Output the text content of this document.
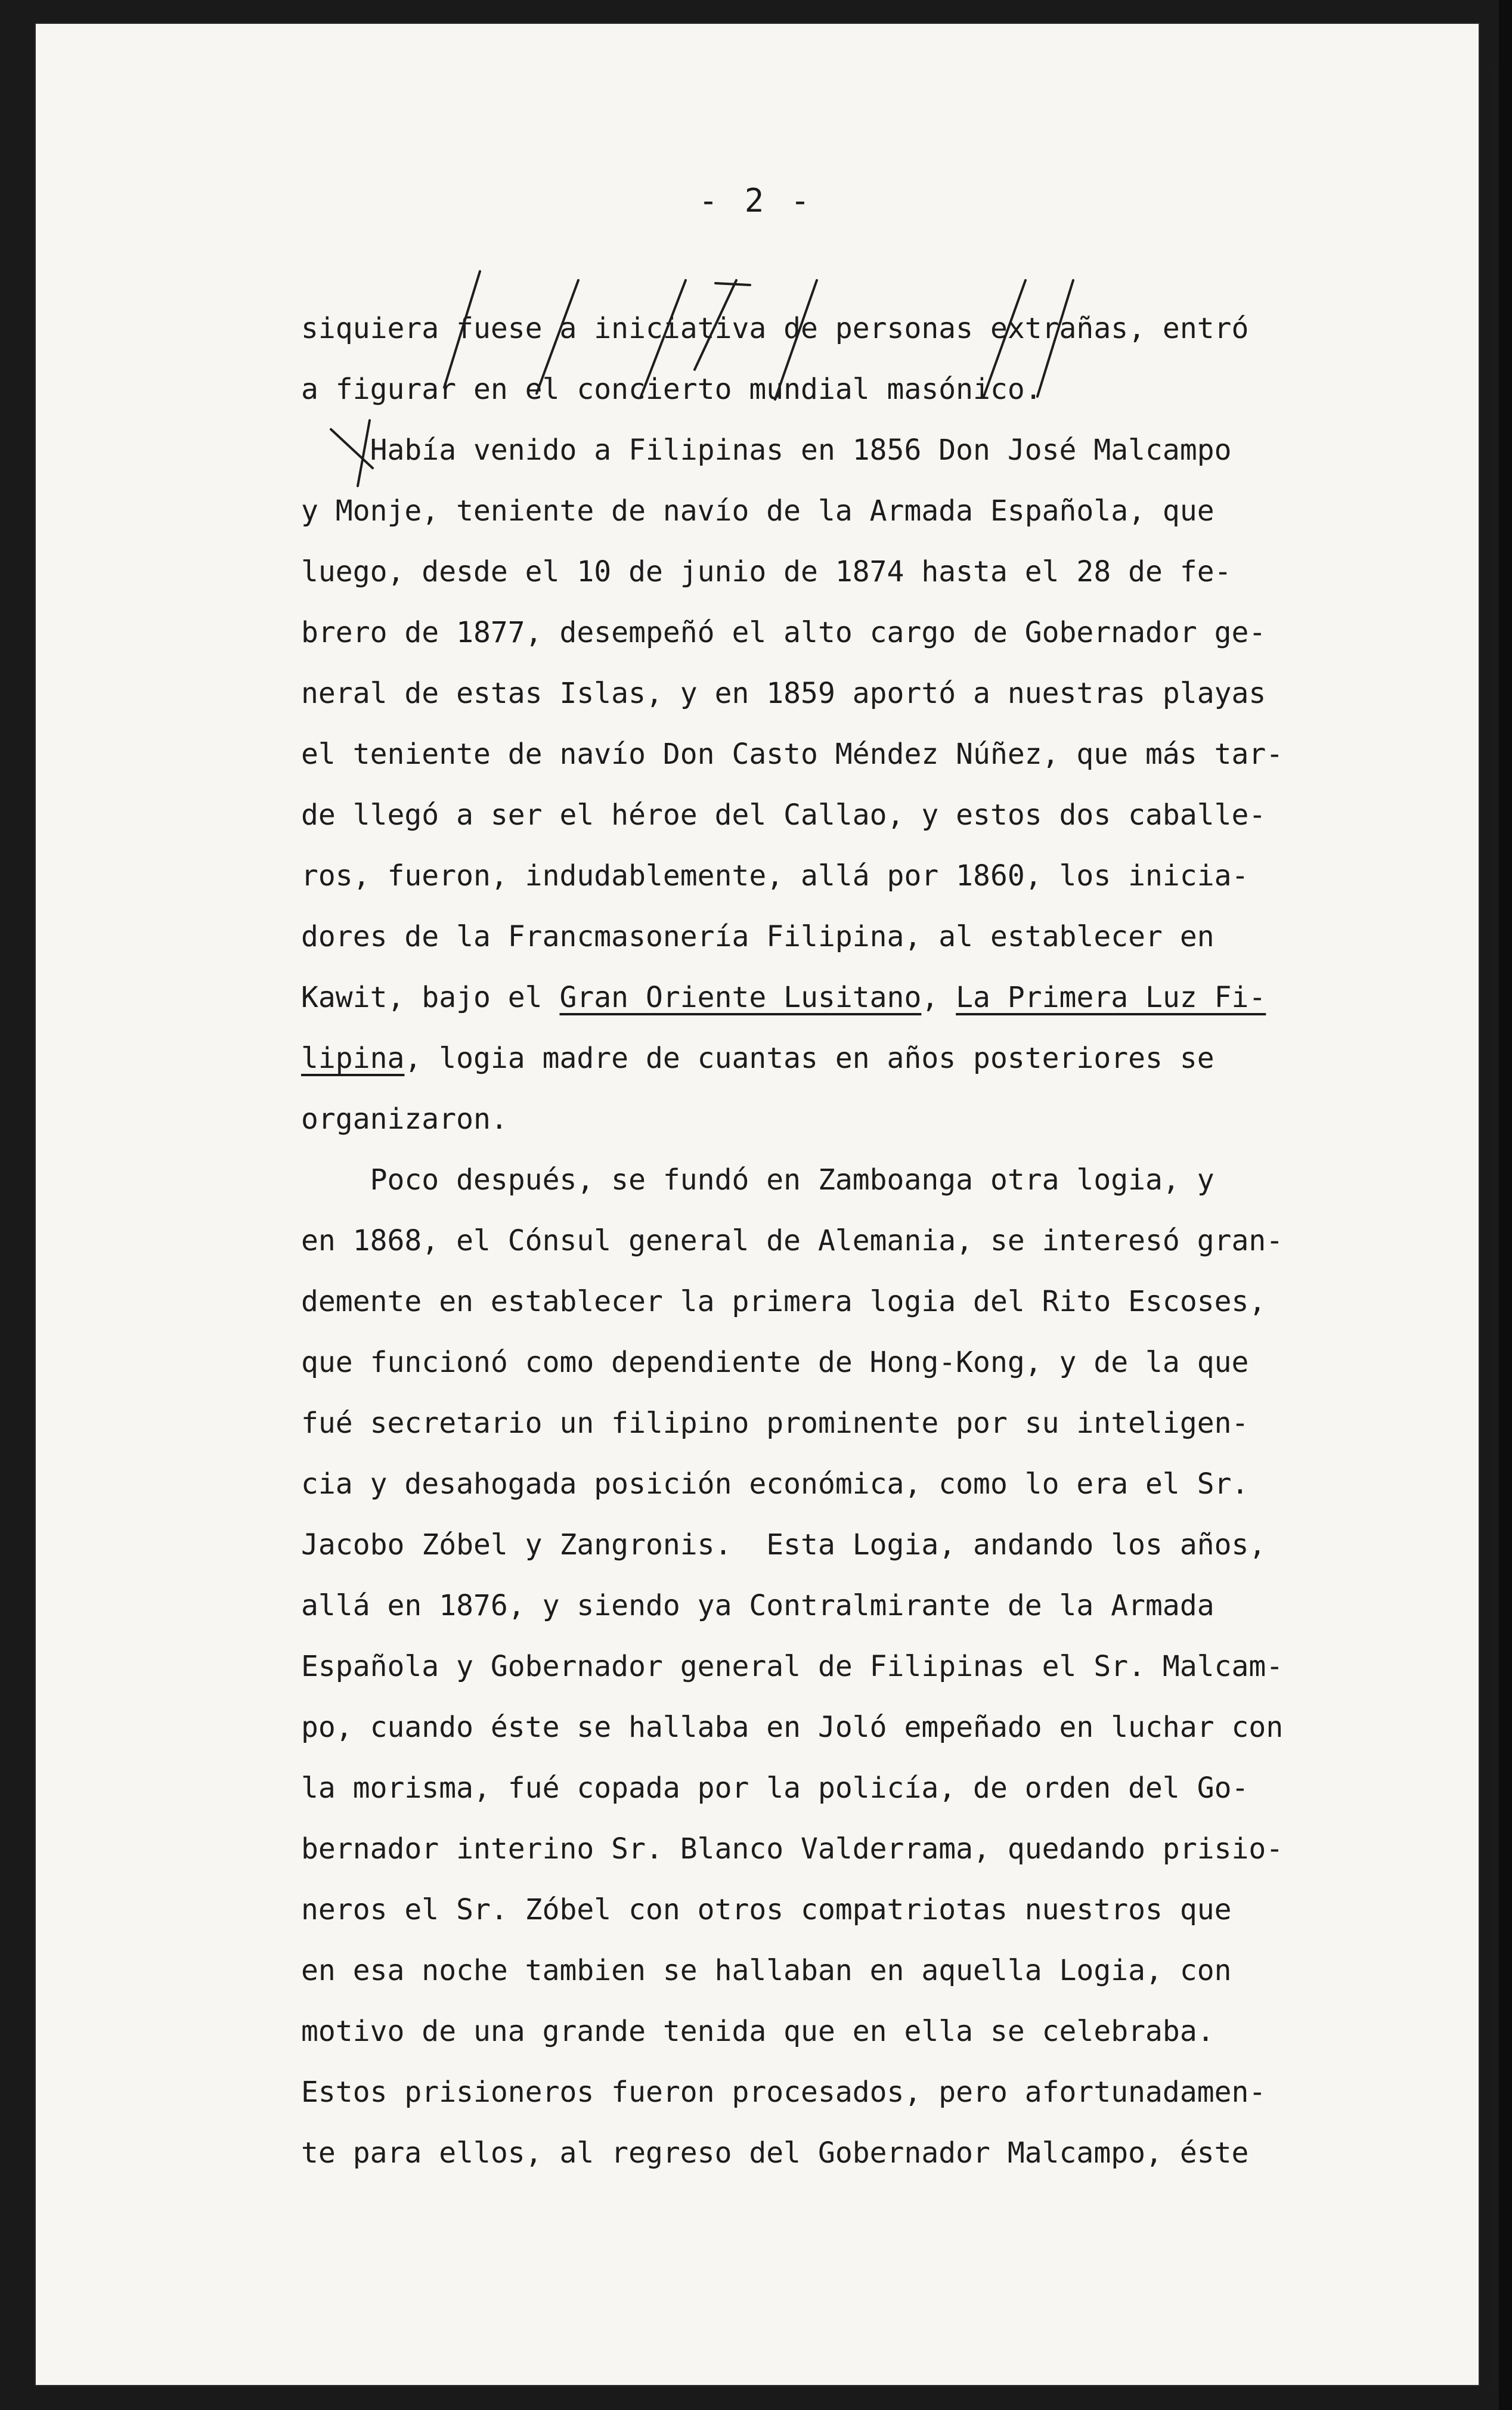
- 2 -
siquiera fuese a iniciativa de personas extrañas, entró
a figurar en el concierto mundial masónico.
Había venido a Filipinas en 1856 Don José Malcampo
y Monje, teniente de navío de la Armada Española, que
luego, desde el 10 de junio de 1874 hasta el 28 de fe-
brero de 1877, desempeñó el alto cargo de Gobernador ge-
neral de estas Islas, y en 1859 aportó a nuestras playas
el teniente de navío Don Casto Méndez Núñez, que más tar-
de llegó a ser el héroe del Callao, y estos dos caballe-
ros, fueron, indudablemente, allá por 1860, los inicia-
dores de la Francmasonería Filipina, al establecer en
Kawit, bajo el Gran Oriente Lusitano, La Primera Luz Fi-
lipina, logia madre de cuantas en años posteriores se
organizaron.
Poco después, se fundó en Zamboanga otra logia, y
en 1868, el Cónsul general de Alemania, se interesó gran-
demente en establecer la primera logia del Rito Escoses,
que funcionó como dependiente de Hong-Kong, y de la que
fué secretario un filipino prominente por su inteligen-
cia y desahogada posición económica, como lo era el Sr.
Jacobo Zóbel y Zangronis.  Esta Logia, andando los años,
allá en 1876, y siendo ya Contralmirante de la Armada
Española y Gobernador general de Filipinas el Sr. Malcam-
po, cuando éste se hallaba en Joló empeñado en luchar con
la morisma, fué copada por la policía, de orden del Go-
bernador interino Sr. Blanco Valderrama, quedando prisio-
neros el Sr. Zóbel con otros compatriotas nuestros que
en esa noche tambien se hallaban en aquella Logia, con
motivo de una grande tenida que en ella se celebraba.
Estos prisioneros fueron procesados, pero afortunadamen-
te para ellos, al regreso del Gobernador Malcampo, éste
